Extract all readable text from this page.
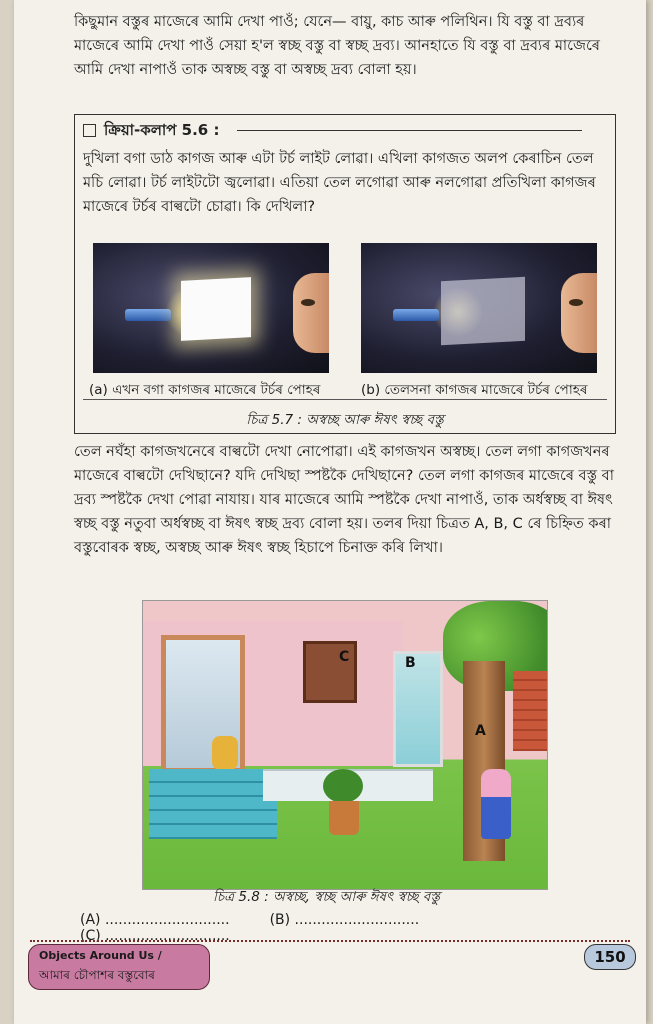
কিছুমান বস্তুৰ মাজেৰে আমি দেখা পাওঁ; যেনে— বায়ু, কাচ আৰু পলিথিন। যি বস্তু বা দ্ৰব্যৰ মাজেৰে আমি দেখা পাওঁ সেয়া হ'ল স্বচ্ছ বস্তু বা স্বচ্ছ দ্ৰব্য। আনহাতে যি বস্তু বা দ্ৰব্যৰ মাজেৰে আমি দেখা নাপাওঁ তাক অস্বচ্ছ বস্তু বা অস্বচ্ছ দ্ৰব্য বোলা হয়।
ক্ৰিয়া-কলাপ 5.6 :
দুখিলা বগা ডাঠ কাগজ আৰু এটা টৰ্চ লাইট লোৱা। এখিলা কাগজত অলপ কেৰাচিন তেল মচি লোৱা। টৰ্চ লাইটটো জ্বলোৱা। এতিয়া তেল লগোৱা আৰু নলগোৱা প্ৰতিখিলা কাগজৰ মাজেৰে টৰ্চৰ বাল্বটো চোৱা। কি দেখিলা?
(a) এখন বগা কাগজৰ মাজেৰে টৰ্চৰ পোহৰ	(b) তেলসনা কাগজৰ মাজেৰে টৰ্চৰ পোহৰ
চিত্ৰ 5.7 : অস্বচ্ছ আৰু ঈষৎ স্বচ্ছ বস্তু
তেল নঘঁহা কাগজখনেৰে বাল্বটো দেখা নোপোৱা। এই কাগজখন অস্বচ্ছ। তেল লগা কাগজখনৰ মাজেৰে বাল্বটো দেখিছানে? যদি দেখিছা স্পষ্টকৈ দেখিছানে? তেল লগা কাগজৰ মাজেৰে বস্তু বা দ্ৰব্য স্পষ্টকৈ দেখা পোৱা নাযায়। যাৰ মাজেৰে আমি স্পষ্টকৈ দেখা নাপাওঁ, তাক অৰ্ধস্বচ্ছ বা ঈষৎ স্বচ্ছ বস্তু নতুবা অৰ্ধস্বচ্ছ বা ঈষৎ স্বচ্ছ দ্ৰব্য বোলা হয়। তলৰ দিয়া চিত্ৰত A, B, C ৰে চিহ্নিত কৰা বস্তুবোৰক স্বচ্ছ, অস্বচ্ছ আৰু ঈষৎ স্বচ্ছ হিচাপে চিনাক্ত কৰি লিখা।
C	B
A
চিত্ৰ 5.8 : অস্বচ্ছ, স্বচ্ছ আৰু ঈষৎ স্বচ্ছ বস্তু
(A) ............................	(B) ............................(C) ............................
Objects Around Us /
আমাৰ চৌপাশৰ বস্তুবোৰ
150
